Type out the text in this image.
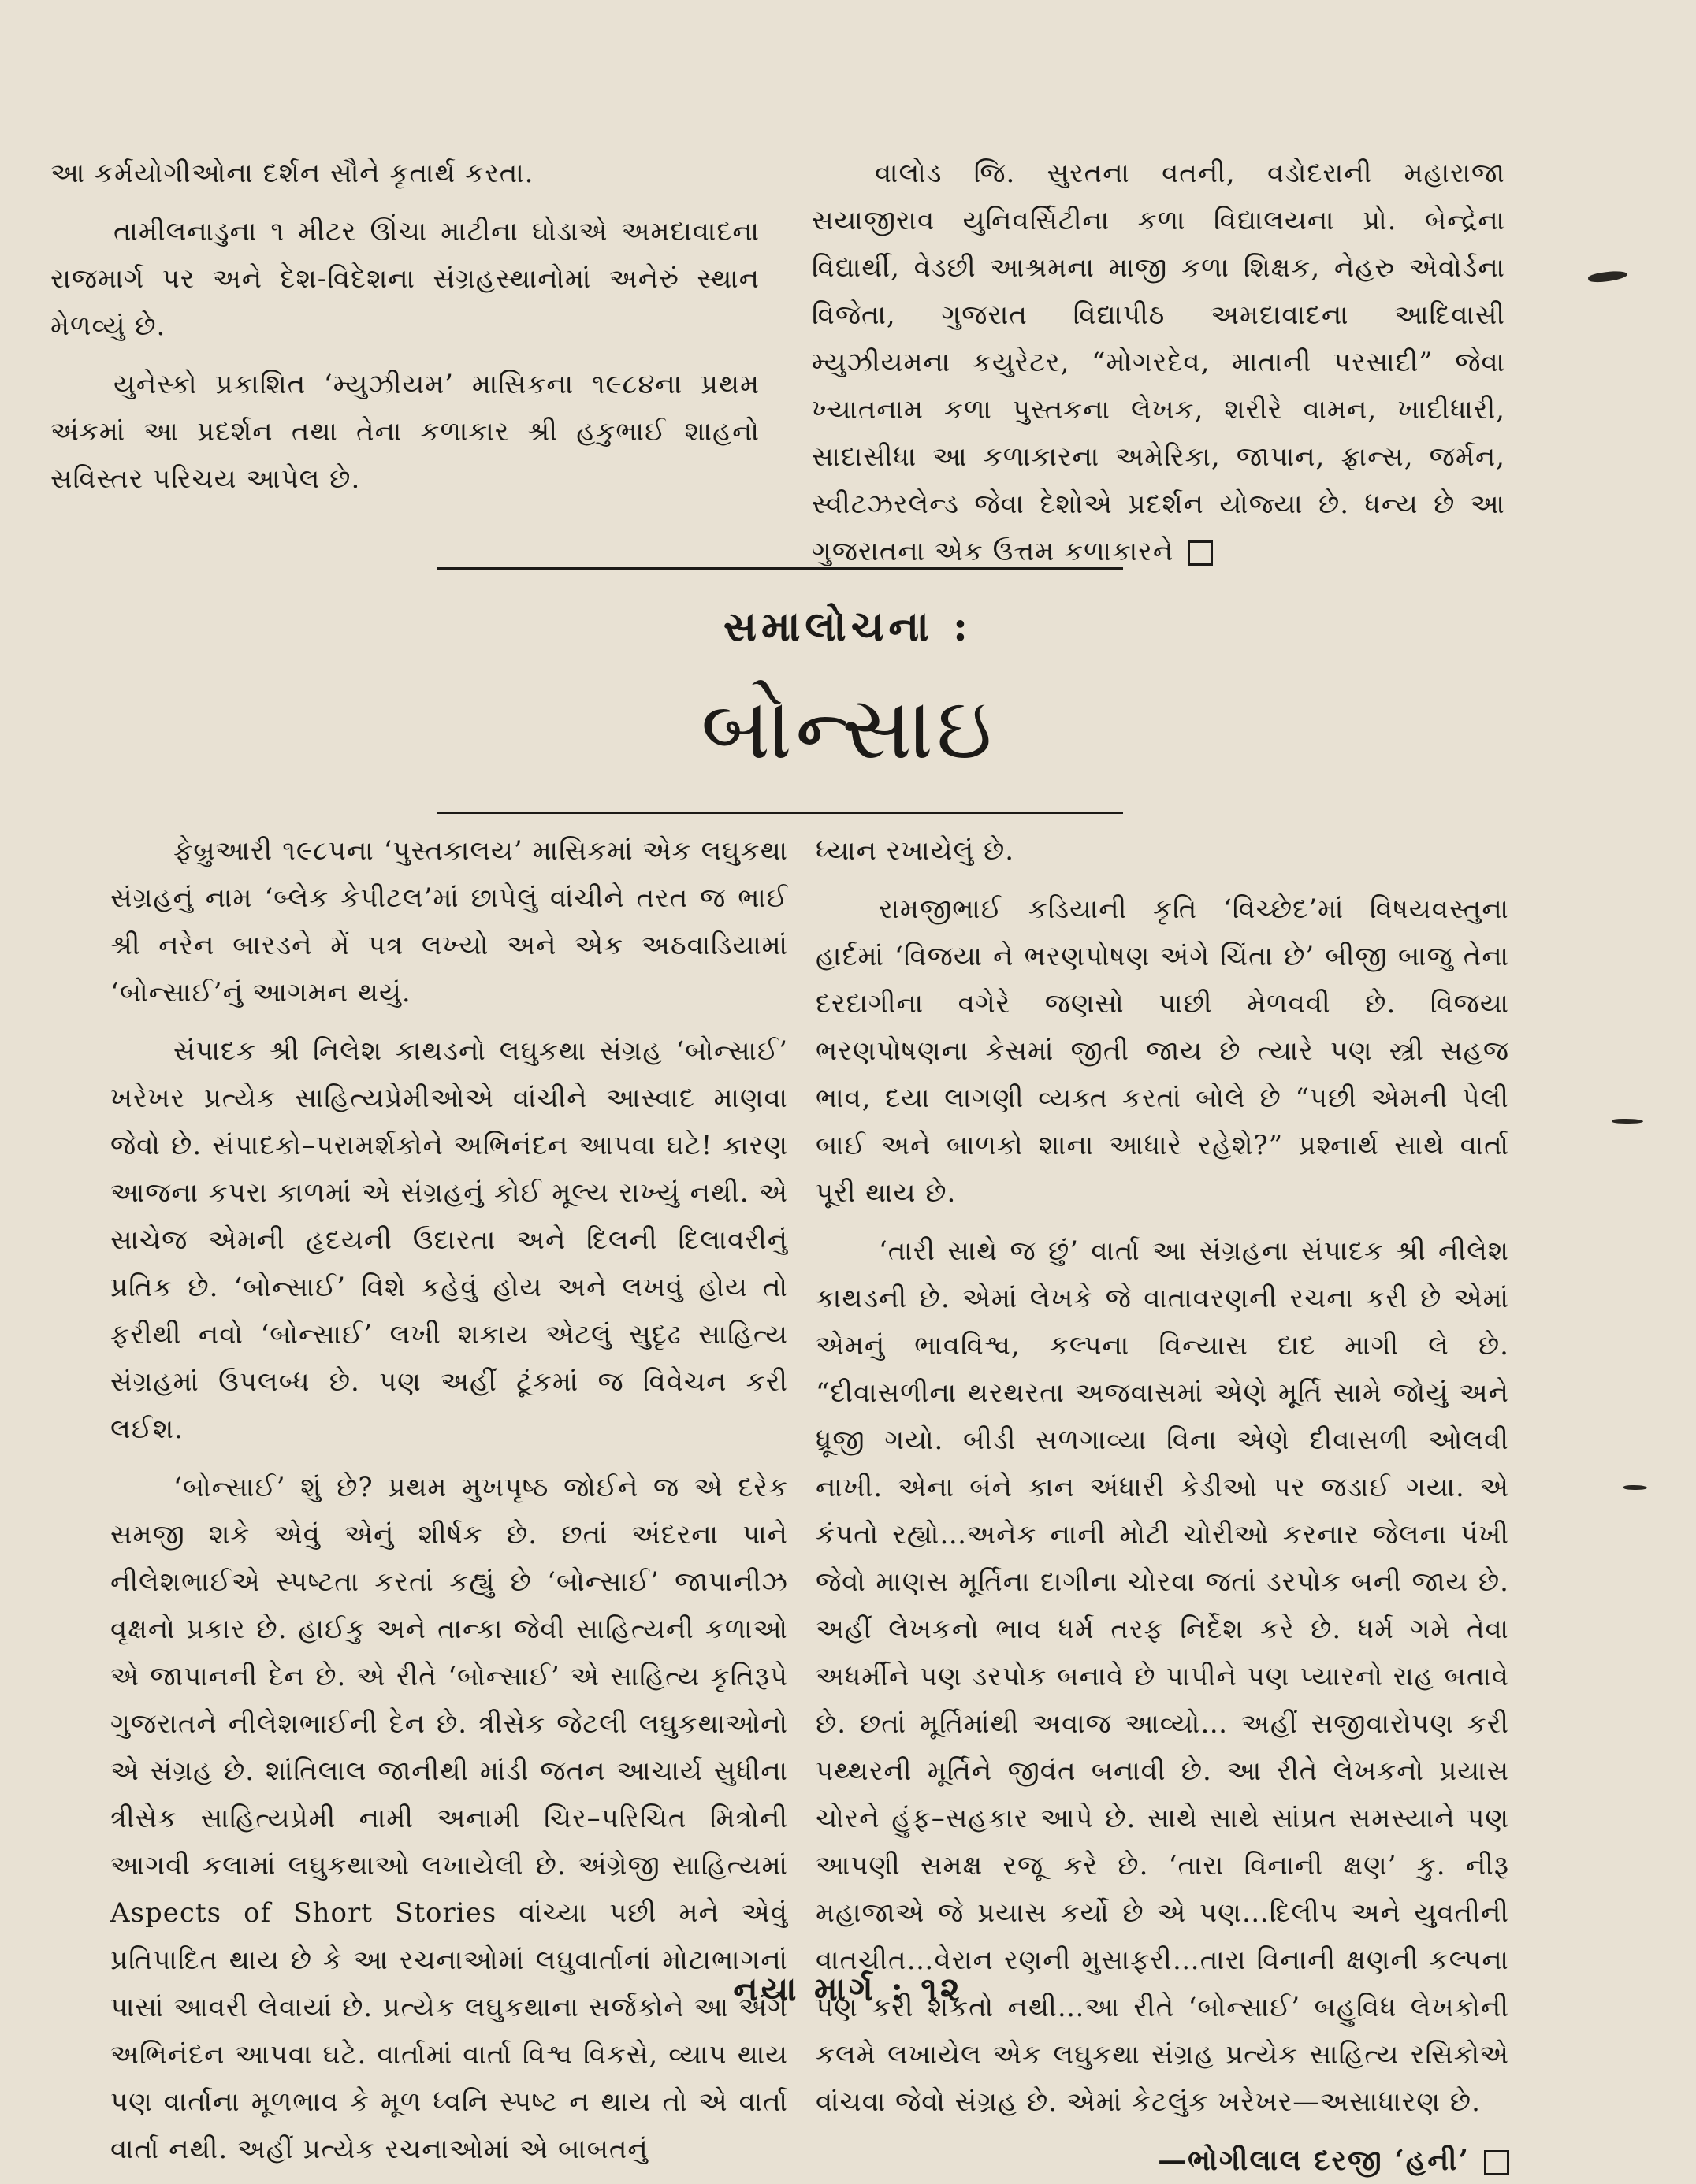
આ કર્મયોગીઓના દર્શન સૌને કૃતાર્થ કરતા.

તામીલનાડુના ૧ મીટર ઊંચા માટીના ઘોડાએ અમદાવાદના રાજમાર્ગ પર અને દેશ-વિદેશના સંગ્રહસ્થાનોમાં અનેરું સ્થાન મેળવ્યું છે.

યુનેસ્કો પ્રકાશિત ‘મ્યુઝીયમ’ માસિકના ૧૯૮૪ના પ્રથમ અંકમાં આ પ્રદર્શન તથા તેના કળાકાર શ્રી હકુભાઈ શાહનો સવિસ્તર પરિચય આપેલ છે.

વાલોડ જિ. સુરતના વતની, વડોદરાની મહારાજા સયાજીરાવ યુનિવર્સિટીના કળા વિદ્યાલયના પ્રો. બેન્દ્રેના વિદ્યાર્થી, વેડછી આશ્રમના માજી કળા શિક્ષક, નેહરુ એવોર્ડના વિજેતા, ગુજરાત વિદ્યાપીઠ અમદાવાદના આદિવાસી મ્યુઝીયમના કયુરેટર, “મોગરદેવ, માતાની પરસાદી” જેવા ખ્યાતનામ કળા પુસ્તકના લેખક, શરીરે વામન, ખાદીધારી, સાદાસીધા આ કળાકારના અમેરિકા, જાપાન, ફ્રાન્સ, જર્મન, સ્વીટઝરલેન્ડ જેવા દેશોએ પ્રદર્શન યોજ્યા છે. ધન્ય છે આ ગુજરાતના એક ઉત્તમ કળાકારને

સમાલોચના :
બોન્સાઇ

ફેબ્રુઆરી ૧૯૮૫ના ‘પુસ્તકાલય’ માસિકમાં એક લઘુકથા સંગ્રહનું નામ ‘બ્લેક કેપીટલ’માં છાપેલું વાંચીને તરત જ ભાઈ શ્રી નરેન બારડને મેં પત્ર લખ્યો અને એક અઠવાડિયામાં ‘બોન્સાઈ’નું આગમન થયું.

સંપાદક શ્રી નિલેશ કાથડનો લઘુકથા સંગ્રહ ‘બોન્સાઈ’ ખરેખર પ્રત્યેક સાહિત્યપ્રેમીઓએ વાંચીને આસ્વાદ માણવા જેવો છે. સંપાદકો–પરામર્શકોને અભિનંદન આપવા ઘટે! કારણ આજના કપરા કાળમાં એ સંગ્રહનું કોઈ મૂલ્ય રાખ્યું નથી. એ સાચેજ એમની હૃદયની ઉદારતા અને દિલની દિલાવરીનું પ્રતિક છે. ‘બોન્સાઈ’ વિશે કહેવું હોય અને લખવું હોય તો ફરીથી નવો ‘બોન્સાઈ’ લખી શકાય એટલું સુદૃઢ સાહિત્ય સંગ્રહમાં ઉપલબ્ધ છે. પણ અહીં ટૂંકમાં જ વિવેચન કરી લઈશ.

‘બોન્સાઈ’ શું છે? પ્રથમ મુખપૃષ્ઠ જોઈને જ એ દરેક સમજી શકે એવું એનું શીર્ષક છે. છતાં અંદરના પાને નીલેશભાઈએ સ્પષ્ટતા કરતાં કહ્યું છે ‘બોન્સાઈ’ જાપાનીઝ વૃક્ષનો પ્રકાર છે. હાઈકુ અને તાન્કા જેવી સાહિત્યની કળાઓ એ જાપાનની દેન છે. એ રીતે ‘બોન્સાઈ’ એ સાહિત્ય કૃતિરૂપે ગુજરાતને નીલેશભાઈની દેન છે. ત્રીસેક જેટલી લઘુકથાઓનો એ સંગ્રહ છે. શાંતિલાલ જાનીથી માંડી જતન આચાર્ય સુધીના ત્રીસેક સાહિત્યપ્રેમી નામી અનામી ચિર–પરિચિત મિત્રોની આગવી કલામાં લઘુકથાઓ લખાયેલી છે. અંગ્રેજી સાહિત્યમાં Aspects of Short Stories વાંચ્યા પછી મને એવું પ્રતિપાદિત થાય છે કે આ રચનાઓમાં લઘુવાર્તાનાં મોટાભાગનાં પાસાં આવરી લેવાયાં છે. પ્રત્યેક લઘુકથાના સર્જકોને આ અંગે અભિનંદન આપવા ઘટે. વાર્તામાં વાર્તા વિશ્વ વિકસે, વ્યાપ થાય પણ વાર્તાના મૂળભાવ કે મૂળ ધ્વનિ સ્પષ્ટ ન થાય તો એ વાર્તા વાર્તા નથી. અહીં પ્રત્યેક રચનાઓમાં એ બાબતનું

ધ્યાન રખાયેલું છે.

રામજીભાઈ કડિયાની કૃતિ ‘વિચ્છેદ’માં વિષયવસ્તુના હાર્દમાં ‘વિજયા ને ભરણપોષણ અંગે ચિંતા છે’ બીજી બાજુ તેના દરદાગીના વગેરે જણસો પાછી મેળવવી છે. વિજયા ભરણપોષણના કેસમાં જીતી જાય છે ત્યારે પણ સ્ત્રી સહજ ભાવ, દયા લાગણી વ્યક્ત કરતાં બોલે છે “પછી એમની પેલી બાઈ અને બાળકો શાના આધારે રહેશે?” પ્રશ્નાર્થ સાથે વાર્તા પૂરી થાય છે.

‘તારી સાથે જ છું’ વાર્તા આ સંગ્રહના સંપાદક શ્રી નીલેશ કાથડની છે. એમાં લેખકે જે વાતાવરણની રચના કરી છે એમાં એમનું ભાવવિશ્વ, કલ્પના વિન્યાસ દાદ માગી લે છે. “દીવાસળીના થરથરતા અજવાસમાં એણે મૂર્તિ સામે જોયું અને ધ્રૂજી ગયો. બીડી સળગાવ્યા વિના એણે દીવાસળી ઓલવી નાખી. એના બંને કાન અંધારી કેડીઓ પર જડાઈ ગયા. એ કંપતો રહ્યો…અનેક નાની મોટી ચોરીઓ કરનાર જેલના પંખી જેવો માણસ મૂર્તિના દાગીના ચોરવા જતાં ડરપોક બની જાય છે. અહીં લેખકનો ભાવ ધર્મ તરફ નિર્દેશ કરે છે. ધર્મ ગમે તેવા અધર્મીને પણ ડરપોક બનાવે છે પાપીને પણ પ્યારનો રાહ બતાવે છે. છતાં મૂર્તિમાંથી અવાજ આવ્યો… અહીં સજીવારોપણ કરી પથ્થરની મૂર્તિને જીવંત બનાવી છે. આ રીતે લેખકનો પ્રયાસ ચોરને હુંફ–સહકાર આપે છે. સાથે સાથે સાંપ્રત સમસ્યાને પણ આપણી સમક્ષ રજૂ કરે છે. ‘તારા વિનાની ક્ષણ’ કુ. નીરૂ મહાજાએ જે પ્રયાસ કર્યો છે એ પણ…દિલીપ અને યુવતીની વાતચીત…વેરાન રણની મુસાફરી…તારા વિનાની ક્ષણની કલ્પના પણ કરી શકતો નથી…આ રીતે ‘બોન્સાઈ’ બહુવિધ લેખકોની કલમે લખાયેલ એક લઘુકથા સંગ્રહ પ્રત્યેક સાહિત્ય રસિકોએ વાંચવા જેવો સંગ્રહ છે. એમાં કેટલુંક ખરેખર—અસાધારણ છે.

—ભોગીલાલ દરજી ‘હની’

નયા માર્ગ : ૧૨
